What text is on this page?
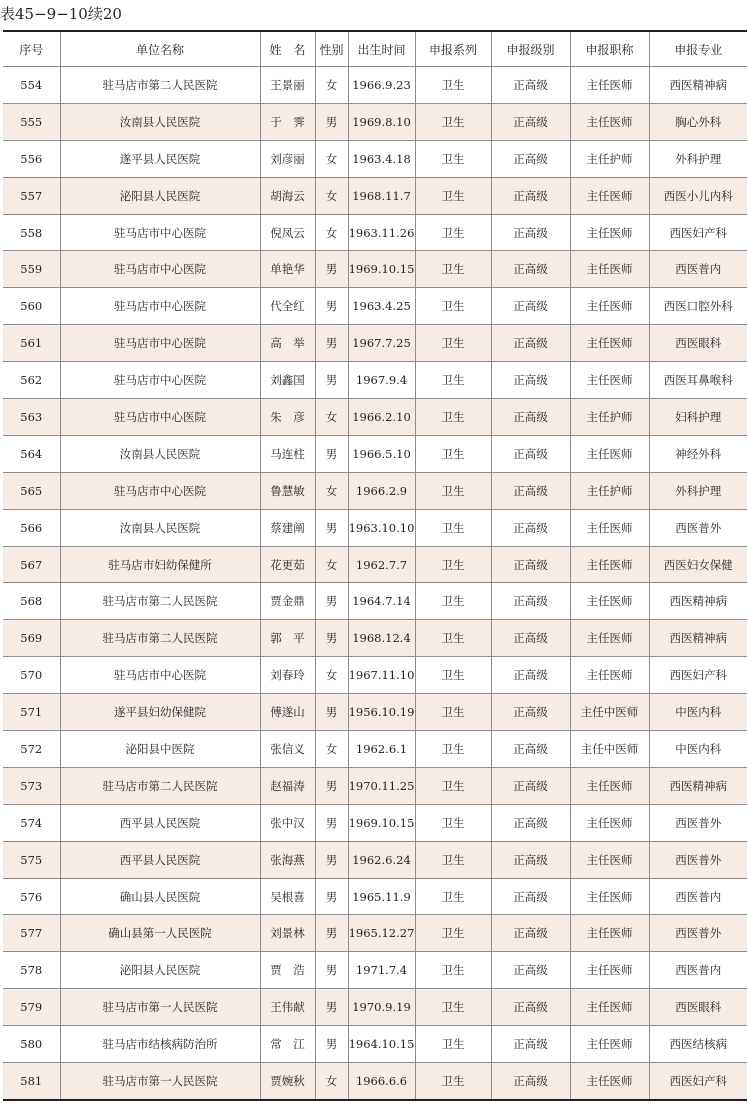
表45−9−10续20
序号	单位名称	姓　名	性别	出生时间	申报系列	申报级别	申报职称	申报专业
554	驻马店市第二人民医院	王景丽	女	1966.9.23	卫生	正高级	主任医师	西医精神病
555	汝南县人民医院	于　霁	男	1969.8.10	卫生	正高级	主任医师	胸心外科
556	遂平县人民医院	刘彦丽	女	1963.4.18	卫生	正高级	主任护师	外科护理
557	泌阳县人民医院	胡海云	女	1968.11.7	卫生	正高级	主任医师	西医小儿内科
558	驻马店市中心医院	倪凤云	女	1963.11.26	卫生	正高级	主任医师	西医妇产科
559	驻马店市中心医院	单艳华	男	1969.10.15	卫生	正高级	主任医师	西医普内
560	驻马店市中心医院	代全红	男	1963.4.25	卫生	正高级	主任医师	西医口腔外科
561	驻马店市中心医院	高　举	男	1967.7.25	卫生	正高级	主任医师	西医眼科
562	驻马店市中心医院	刘鑫国	男	1967.9.4	卫生	正高级	主任医师	西医耳鼻喉科
563	驻马店市中心医院	朱　彦	女	1966.2.10	卫生	正高级	主任护师	妇科护理
564	汝南县人民医院	马连柱	男	1966.5.10	卫生	正高级	主任医师	神经外科
565	驻马店市中心医院	鲁慧敏	女	1966.2.9	卫生	正高级	主任护师	外科护理
566	汝南县人民医院	蔡建阐	男	1963.10.10	卫生	正高级	主任医师	西医普外
567	驻马店市妇幼保健所	花更茹	女	1962.7.7	卫生	正高级	主任医师	西医妇女保健
568	驻马店市第二人民医院	贾金鼎	男	1964.7.14	卫生	正高级	主任医师	西医精神病
569	驻马店市第二人民医院	郭　平	男	1968.12.4	卫生	正高级	主任医师	西医精神病
570	驻马店市中心医院	刘春玲	女	1967.11.10	卫生	正高级	主任医师	西医妇产科
571	遂平县妇幼保健院	傅遂山	男	1956.10.19	卫生	正高级	主任中医师	中医内科
572	泌阳县中医院	张信义	女	1962.6.1	卫生	正高级	主任中医师	中医内科
573	驻马店市第二人民医院	赵福涛	男	1970.11.25	卫生	正高级	主任医师	西医精神病
574	西平县人民医院	张中汉	男	1969.10.15	卫生	正高级	主任医师	西医普外
575	西平县人民医院	张海燕	男	1962.6.24	卫生	正高级	主任医师	西医普外
576	确山县人民医院	吴根喜	男	1965.11.9	卫生	正高级	主任医师	西医普内
577	确山县第一人民医院	刘景林	男	1965.12.27	卫生	正高级	主任医师	西医普外
578	泌阳县人民医院	贾　浩	男	1971.7.4	卫生	正高级	主任医师	西医普内
579	驻马店市第一人民医院	王伟献	男	1970.9.19	卫生	正高级	主任医师	西医眼科
580	驻马店市结核病防治所	常　江	男	1964.10.15	卫生	正高级	主任医师	西医结核病
581	驻马店市第一人民医院	贾婉秋	女	1966.6.6	卫生	正高级	主任医师	西医妇产科
